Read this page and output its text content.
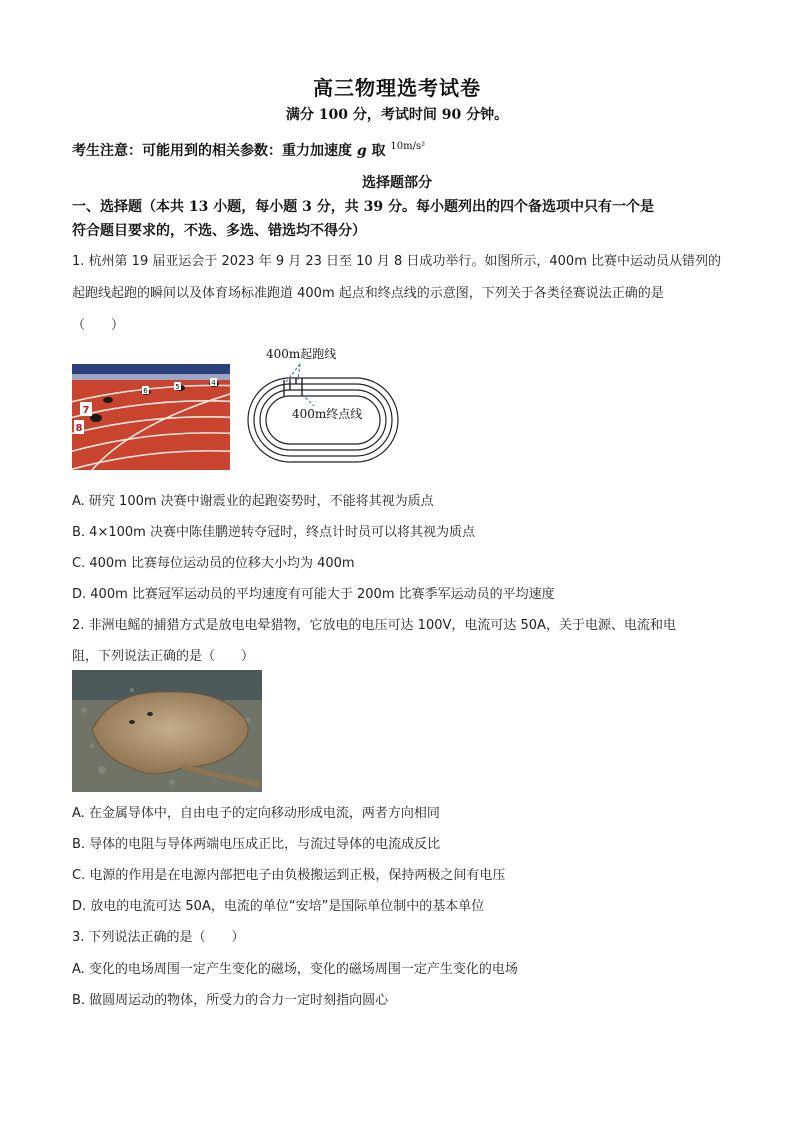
高三物理选考试卷
满分 100 分，考试时间 90 分钟。
考生注意：可能用到的相关参数：重力加速度 g 取 $^{10m/s^2}$
选择题部分
一、选择题（本共 13 小题，每小题 3 分，共 39 分。每小题列出的四个备选项中只有一个是
符合题目要求的，不选、多选、错选均不得分）
1. 杭州第 19 届亚运会于 2023 年 9 月 23 日至 10 月 8 日成功举行。如图所示，400m 比赛中运动员从错列的
起跑线起跑的瞬间以及体育场标准跑道 400m 起点和终点线的示意图，下列关于各类径赛说法正确的是
（　　）
7
8
6	5	4
400m起跑线
400m终点线
A. 研究 100m 决赛中谢震业的起跑姿势时，不能将其视为质点
B. 4×100m 决赛中陈佳鹏逆转夺冠时，终点计时员可以将其视为质点
C. 400m 比赛每位运动员的位移大小均为 400m
D. 400m 比赛冠军运动员的平均速度有可能大于 200m 比赛季军运动员的平均速度
2. 非洲电鳐的捕猎方式是放电电晕猎物，它放电的电压可达 100V，电流可达 50A，关于电源、电流和电
阻，下列说法正确的是（　　）
A. 在金属导体中，自由电子的定向移动形成电流，两者方向相同
B. 导体的电阻与导体两端电压成正比，与流过导体的电流成反比
C. 电源的作用是在电源内部把电子由负极搬运到正极，保持两极之间有电压
D. 放电的电流可达 50A，电流的单位“安培”是国际单位制中的基本单位
3. 下列说法正确的是（　　）
A. 变化的电场周围一定产生变化的磁场，变化的磁场周围一定产生变化的电场
B. 做圆周运动的物体，所受力的合力一定时刻指向圆心
